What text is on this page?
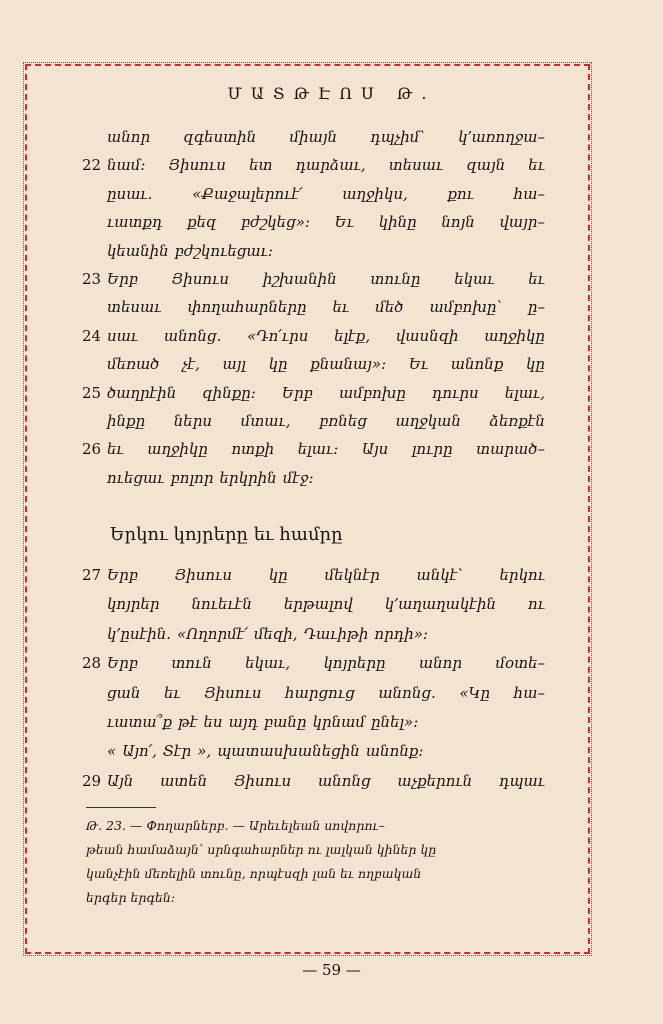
ՄԱՏԹԷՈՍ Թ.
անոր զգեստին միայն դպչիմ՝ կ՚առողջա–
22 նամ։ Յիսուս ետ դարձաւ, տեսաւ զայն եւ
ըսաւ.	«Քաջալերուէ՛	աղջիկս,	քու	հա–
ւատքդ քեզ բժշկեց»։ Եւ կինը նոյն վայր–
կեանին բժշկուեցաւ։
23 Երբ Յիսուս իշխանին տունը եկաւ եւ
տեսաւ փողահարները եւ մեծ ամբոխը՝ ը–
24 սաւ անոնց. «Դո՛ւրս ելէք, վասնզի աղջիկը
մեռած չէ, այլ կը քնանայ»։ Եւ անոնք կը
25 ծաղրէին զինքը։ Երբ ամբոխը դուրս ելաւ,
ինքը ներս մտաւ, բռնեց աղջկան ձեռքէն
26 եւ աղջիկը ոտքի ելաւ։ Այս լուրը տարած–
ուեցաւ բոլոր երկրին մէջ։
Երկու կոյրերը եւ համրը
27 Երբ Յիսուս կը մեկնէր անկէ՝ երկու
կոյրեր նուեւէն երթալով կ՚աղաղակէին ու
կ՚ըսէին. «Ողորմէ՛ մեզի, Դաւիթի որդի»։
28 Երբ տուն եկաւ, կոյրերը անոր մօտե–
ցան եւ Յիսուս հարցուց անոնց. «Կը հա–
ւատա՞ք թէ ես այդ բանը կրնամ ընել»։
« Այո՛, Տէր », պատասխանեցին անոնք։
29 Այն ատեն Յիսուս անոնց աչքերուն դպաւ
Թ. 23. — Փողարներբ. — Արեւելեան սովորու–
թեան համաձայն՝ սրնգահարներ ու լալկան կիներ կը
կանչէին մեռելին տունը, որպէսզի լան եւ ողբական
երգեր երգեն։
— 59 —
